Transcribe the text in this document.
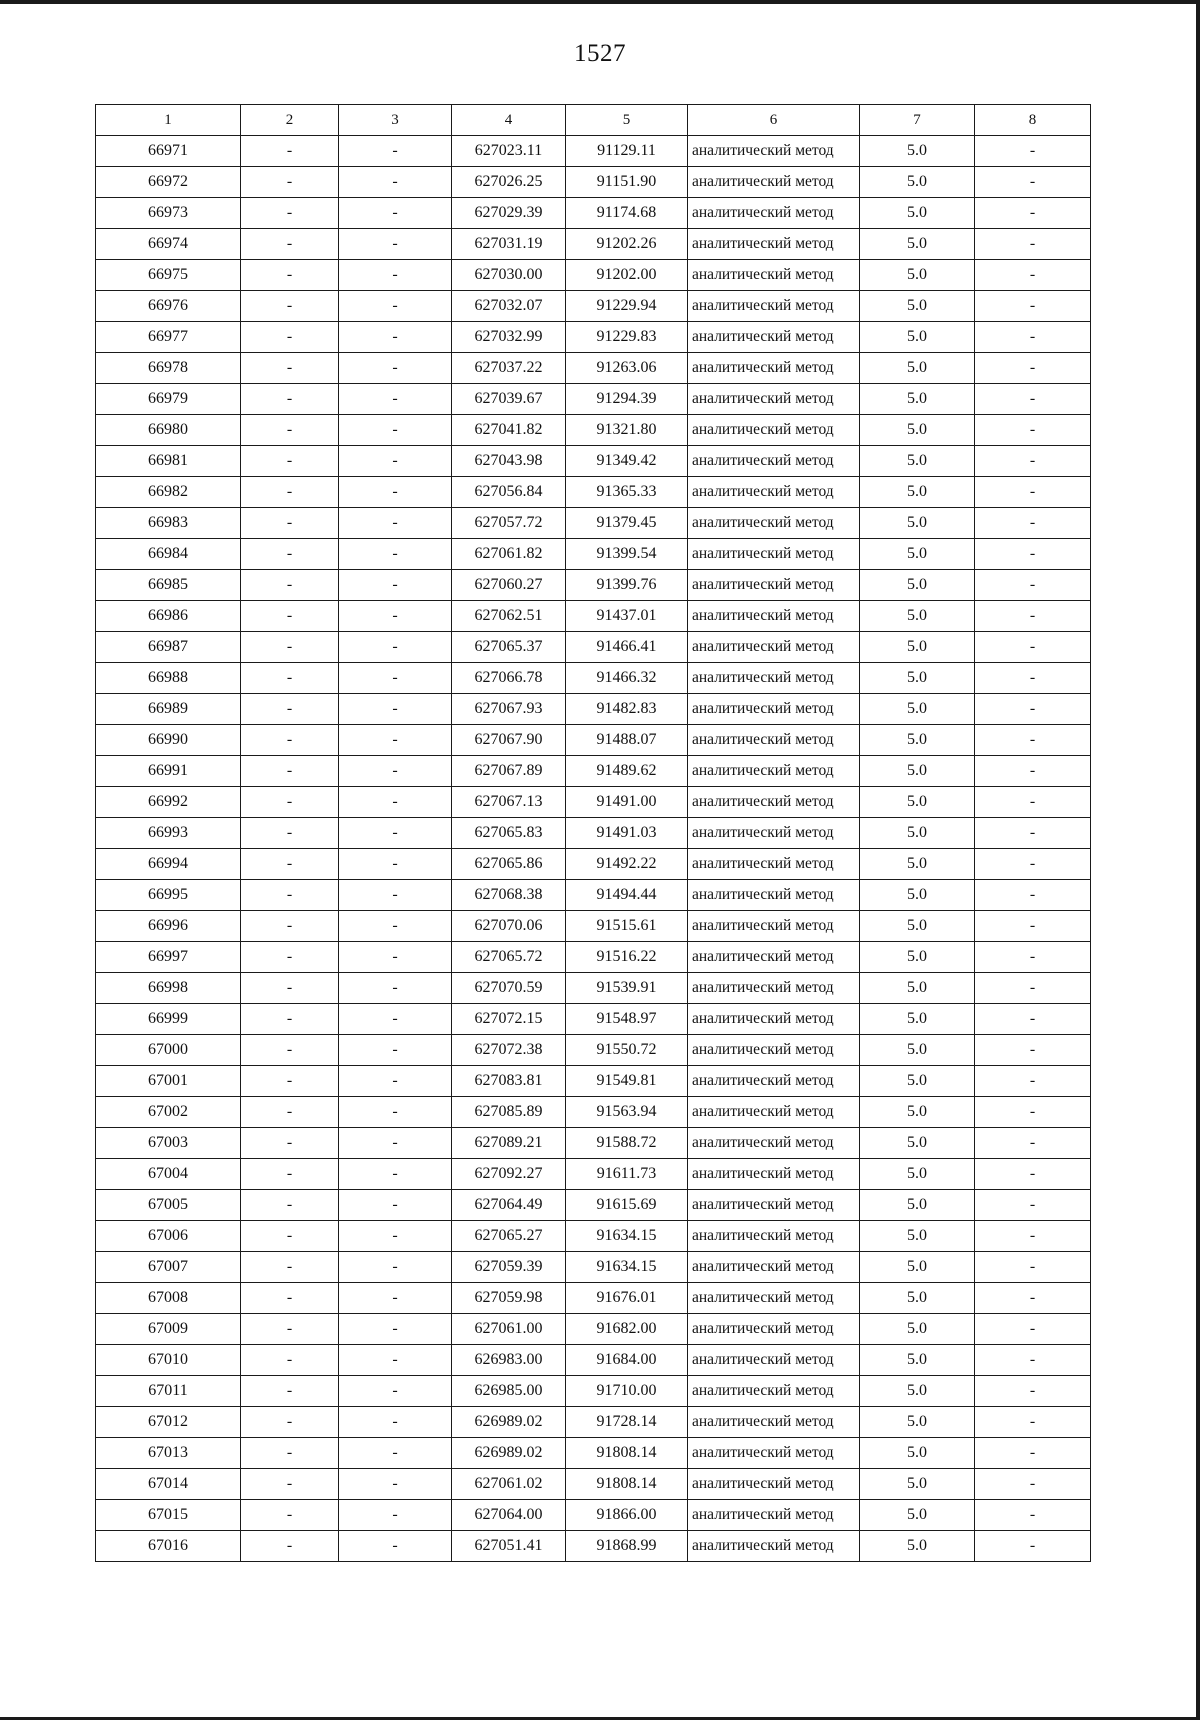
1527
1	2	3	4	5	6	7	8
66971	-	-	627023.11	91129.11	аналитический метод	5.0	-
66972	-	-	627026.25	91151.90	аналитический метод	5.0	-
66973	-	-	627029.39	91174.68	аналитический метод	5.0	-
66974	-	-	627031.19	91202.26	аналитический метод	5.0	-
66975	-	-	627030.00	91202.00	аналитический метод	5.0	-
66976	-	-	627032.07	91229.94	аналитический метод	5.0	-
66977	-	-	627032.99	91229.83	аналитический метод	5.0	-
66978	-	-	627037.22	91263.06	аналитический метод	5.0	-
66979	-	-	627039.67	91294.39	аналитический метод	5.0	-
66980	-	-	627041.82	91321.80	аналитический метод	5.0	-
66981	-	-	627043.98	91349.42	аналитический метод	5.0	-
66982	-	-	627056.84	91365.33	аналитический метод	5.0	-
66983	-	-	627057.72	91379.45	аналитический метод	5.0	-
66984	-	-	627061.82	91399.54	аналитический метод	5.0	-
66985	-	-	627060.27	91399.76	аналитический метод	5.0	-
66986	-	-	627062.51	91437.01	аналитический метод	5.0	-
66987	-	-	627065.37	91466.41	аналитический метод	5.0	-
66988	-	-	627066.78	91466.32	аналитический метод	5.0	-
66989	-	-	627067.93	91482.83	аналитический метод	5.0	-
66990	-	-	627067.90	91488.07	аналитический метод	5.0	-
66991	-	-	627067.89	91489.62	аналитический метод	5.0	-
66992	-	-	627067.13	91491.00	аналитический метод	5.0	-
66993	-	-	627065.83	91491.03	аналитический метод	5.0	-
66994	-	-	627065.86	91492.22	аналитический метод	5.0	-
66995	-	-	627068.38	91494.44	аналитический метод	5.0	-
66996	-	-	627070.06	91515.61	аналитический метод	5.0	-
66997	-	-	627065.72	91516.22	аналитический метод	5.0	-
66998	-	-	627070.59	91539.91	аналитический метод	5.0	-
66999	-	-	627072.15	91548.97	аналитический метод	5.0	-
67000	-	-	627072.38	91550.72	аналитический метод	5.0	-
67001	-	-	627083.81	91549.81	аналитический метод	5.0	-
67002	-	-	627085.89	91563.94	аналитический метод	5.0	-
67003	-	-	627089.21	91588.72	аналитический метод	5.0	-
67004	-	-	627092.27	91611.73	аналитический метод	5.0	-
67005	-	-	627064.49	91615.69	аналитический метод	5.0	-
67006	-	-	627065.27	91634.15	аналитический метод	5.0	-
67007	-	-	627059.39	91634.15	аналитический метод	5.0	-
67008	-	-	627059.98	91676.01	аналитический метод	5.0	-
67009	-	-	627061.00	91682.00	аналитический метод	5.0	-
67010	-	-	626983.00	91684.00	аналитический метод	5.0	-
67011	-	-	626985.00	91710.00	аналитический метод	5.0	-
67012	-	-	626989.02	91728.14	аналитический метод	5.0	-
67013	-	-	626989.02	91808.14	аналитический метод	5.0	-
67014	-	-	627061.02	91808.14	аналитический метод	5.0	-
67015	-	-	627064.00	91866.00	аналитический метод	5.0	-
67016	-	-	627051.41	91868.99	аналитический метод	5.0	-
